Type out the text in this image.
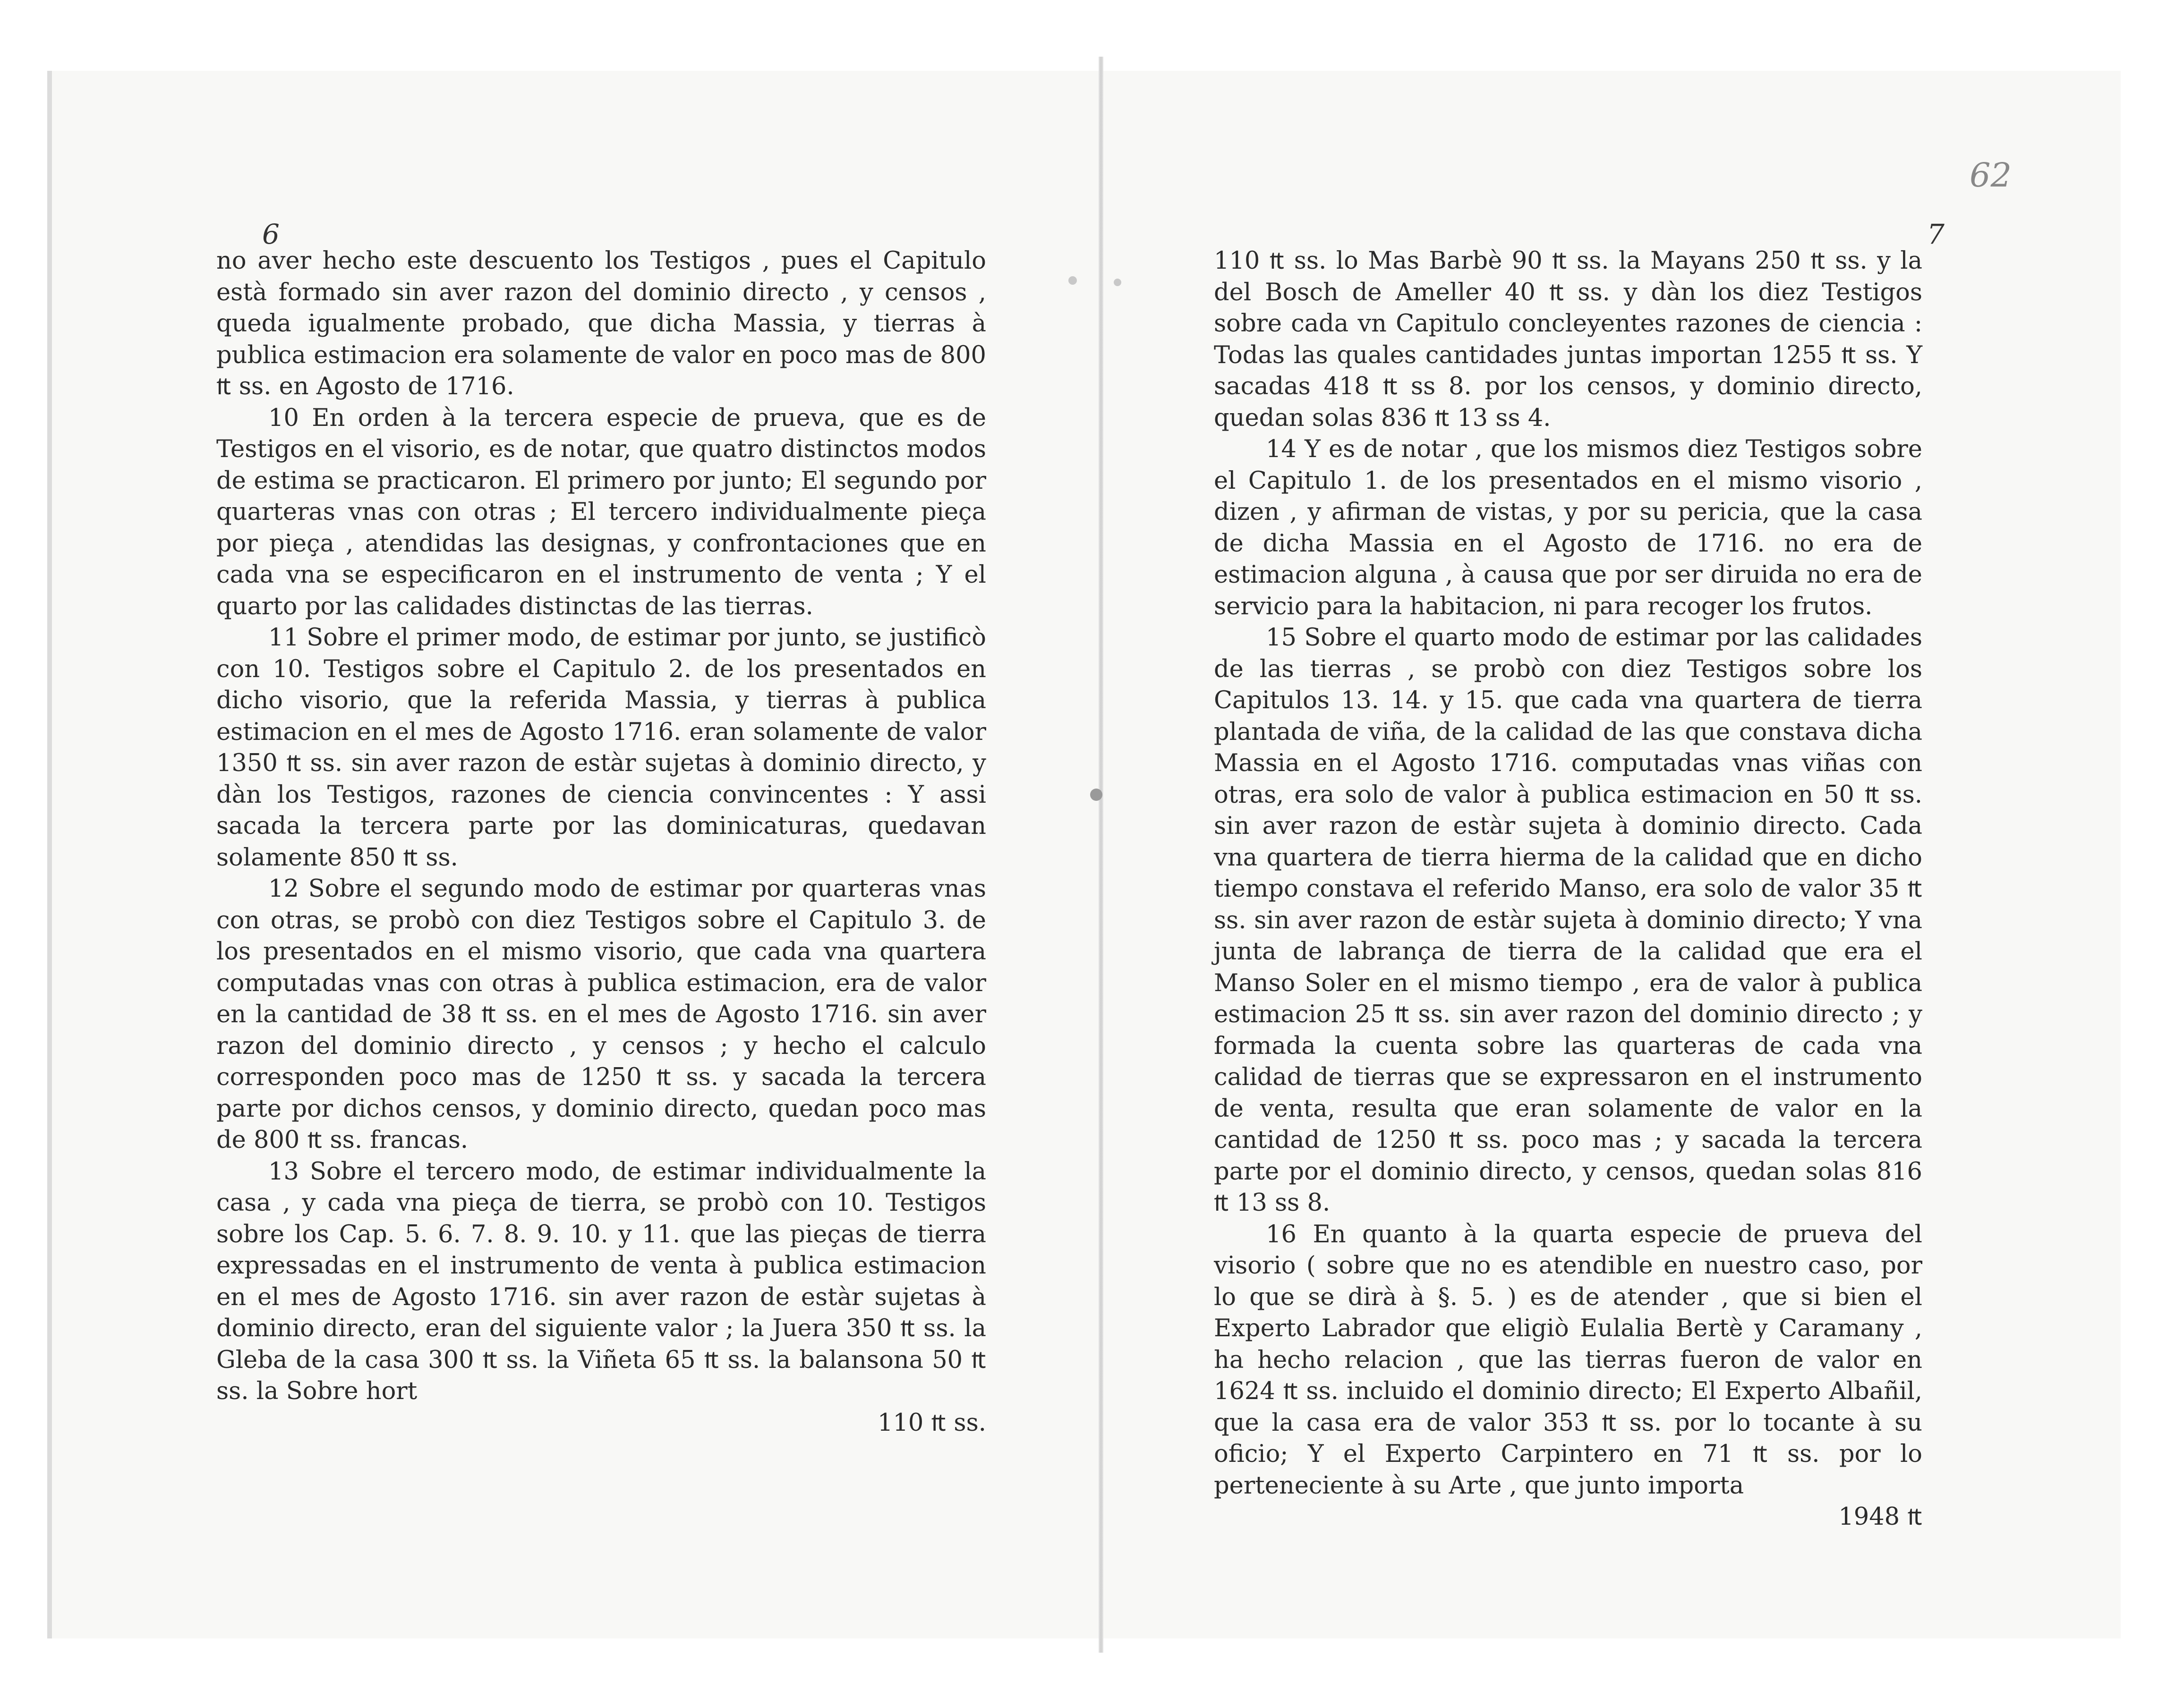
6	7
62

no aver hecho este descuento los Testigos , pues el Capitulo està formado sin aver razon del dominio directo , y censos , queda igualmente probado, que dicha Massia, y tierras à publica estimacion era solamente de valor en poco mas de 800 ₶ ss. en Agosto de 1716.

10 En orden à la tercera especie de prueva, que es de Testigos en el visorio, es de notar, que quatro distinctos modos de estima se practicaron. El primero por junto; El segundo por quarteras vnas con otras ; El tercero individualmente pieça por pieça , atendidas las designas, y confrontaciones que en cada vna se especificaron en el instrumento de venta ; Y el quarto por las calidades distinctas de las tierras.

11 Sobre el primer modo, de estimar por junto, se justificò con 10. Testigos sobre el Capitulo 2. de los presentados en dicho visorio, que la referida Massia, y tierras à publica estimacion en el mes de Agosto 1716. eran solamente de valor 1350 ₶ ss. sin aver razon de estàr sujetas à dominio directo, y dàn los Testigos, razones de ciencia convincentes : Y assi sacada la tercera parte por las dominicaturas, quedavan solamente 850 ₶ ss.

12 Sobre el segundo modo de estimar por quarteras vnas con otras, se probò con diez Testigos sobre el Capitulo 3. de los presentados en el mismo visorio, que cada vna quartera computadas vnas con otras à publica estimacion, era de valor en la cantidad de 38 ₶ ss. en el mes de Agosto 1716. sin aver razon del dominio directo , y censos ; y hecho el calculo corresponden poco mas de 1250 ₶ ss. y sacada la tercera parte por dichos censos, y dominio directo, quedan poco mas de 800 ₶ ss. francas.

13 Sobre el tercero modo, de estimar individualmente la casa , y cada vna pieça de tierra, se probò con 10. Testigos sobre los Cap. 5. 6. 7. 8. 9. 10. y 11. que las pieças de tierra expressadas en el instrumento de venta à publica estimacion en el mes de Agosto 1716. sin aver razon de estàr sujetas à dominio directo, eran del siguiente valor ; la Juera 350 ₶ ss. la Gleba de la casa 300 ₶ ss. la Viñeta 65 ₶ ss. la balansona 50 ₶ ss. la Sobre hort

110 ₶ ss.

110 ₶ ss. lo Mas Barbè 90 ₶ ss. la Mayans 250 ₶ ss. y la del Bosch de Ameller 40 ₶ ss. y dàn los diez Testigos sobre cada vn Capitulo concleyentes razones de ciencia : Todas las quales cantidades juntas importan 1255 ₶ ss. Y sacadas 418 ₶ ss 8. por los censos, y dominio directo, quedan solas 836 ₶ 13 ss 4.

14 Y es de notar , que los mismos diez Testigos sobre el Capitulo 1. de los presentados en el mismo visorio , dizen , y afirman de vistas, y por su pericia, que la casa de dicha Massia en el Agosto de 1716. no era de estimacion alguna , à causa que por ser diruida no era de servicio para la habitacion, ni para recoger los frutos.

15 Sobre el quarto modo de estimar por las calidades de las tierras , se probò con diez Testigos sobre los Capitulos 13. 14. y 15. que cada vna quartera de tierra plantada de viña, de la calidad de las que constava dicha Massia en el Agosto 1716. computadas vnas viñas con otras, era solo de valor à publica estimacion en 50 ₶ ss. sin aver razon de estàr sujeta à dominio directo. Cada vna quartera de tierra hierma de la calidad que en dicho tiempo constava el referido Manso, era solo de valor 35 ₶ ss. sin aver razon de estàr sujeta à dominio directo; Y vna junta de labrança de tierra de la calidad que era el Manso Soler en el mismo tiempo , era de valor à publica estimacion 25 ₶ ss. sin aver razon del dominio directo ; y formada la cuenta sobre las quarteras de cada vna calidad de tierras que se expressaron en el instrumento de venta, resulta que eran solamente de valor en la cantidad de 1250 ₶ ss. poco mas ; y sacada la tercera parte por el dominio directo, y censos, quedan solas 816 ₶ 13 ss 8.

16 En quanto à la quarta especie de prueva del visorio ( sobre que no es atendible en nuestro caso, por lo que se dirà à §. 5. ) es de atender , que si bien el Experto Labrador que eligiò Eulalia Bertè y Caramany , ha hecho relacion , que las tierras fueron de valor en 1624 ₶ ss. incluido el dominio directo; El Experto Albañil, que la casa era de valor 353 ₶ ss. por lo tocante à su oficio; Y el Experto Carpintero en 71 ₶ ss. por lo perteneciente à su Arte , que junto importa

1948 ₶
